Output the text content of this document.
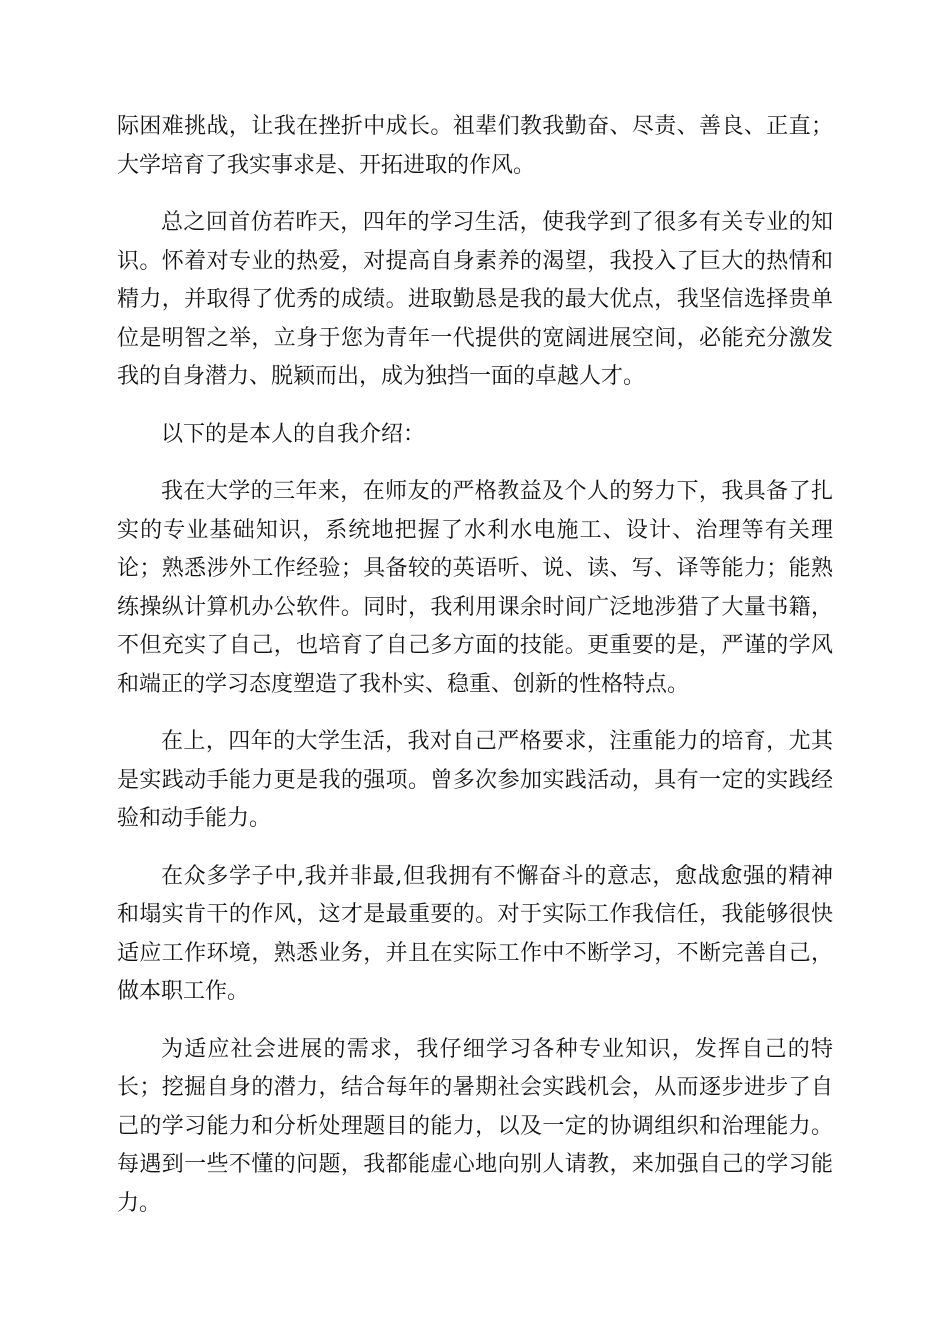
际困难挑战，让我在挫折中成长。祖辈们教我勤奋、尽责、善良、正直；大学培育了我实事求是、开拓进取的作风。

总之回首仿若昨天，四年的学习生活，使我学到了很多有关专业的知识。怀着对专业的热爱，对提高自身素养的渴望，我投入了巨大的热情和精力，并取得了优秀的成绩。进取勤恳是我的最大优点，我坚信选择贵单位是明智之举，立身于您为青年一代提供的宽阔进展空间，必能充分激发我的自身潜力、脱颖而出，成为独挡一面的卓越人才。

以下的是本人的自我介绍：

我在大学的三年来，在师友的严格教益及个人的努力下，我具备了扎实的专业基础知识，系统地把握了水利水电施工、设计、治理等有关理论；熟悉涉外工作经验；具备较的英语听、说、读、写、译等能力；能熟练操纵计算机办公软件。同时，我利用课余时间广泛地涉猎了大量书籍，不但充实了自己，也培育了自己多方面的技能。更重要的是，严谨的学风和端正的学习态度塑造了我朴实、稳重、创新的性格特点。

在上，四年的大学生活，我对自己严格要求，注重能力的培育，尤其是实践动手能力更是我的强项。曾多次参加实践活动，具有一定的实践经验和动手能力。

在众多学子中,我并非最,但我拥有不懈奋斗的意志，愈战愈强的精神和塌实肯干的作风，这才是最重要的。对于实际工作我信任，我能够很快适应工作环境，熟悉业务，并且在实际工作中不断学习，不断完善自己，做本职工作。

为适应社会进展的需求，我仔细学习各种专业知识，发挥自己的特长；挖掘自身的潜力，结合每年的暑期社会实践机会，从而逐步进步了自己的学习能力和分析处理题目的能力，以及一定的协调组织和治理能力。每遇到一些不懂的问题，我都能虚心地向别人请教，来加强自己的学习能力。
